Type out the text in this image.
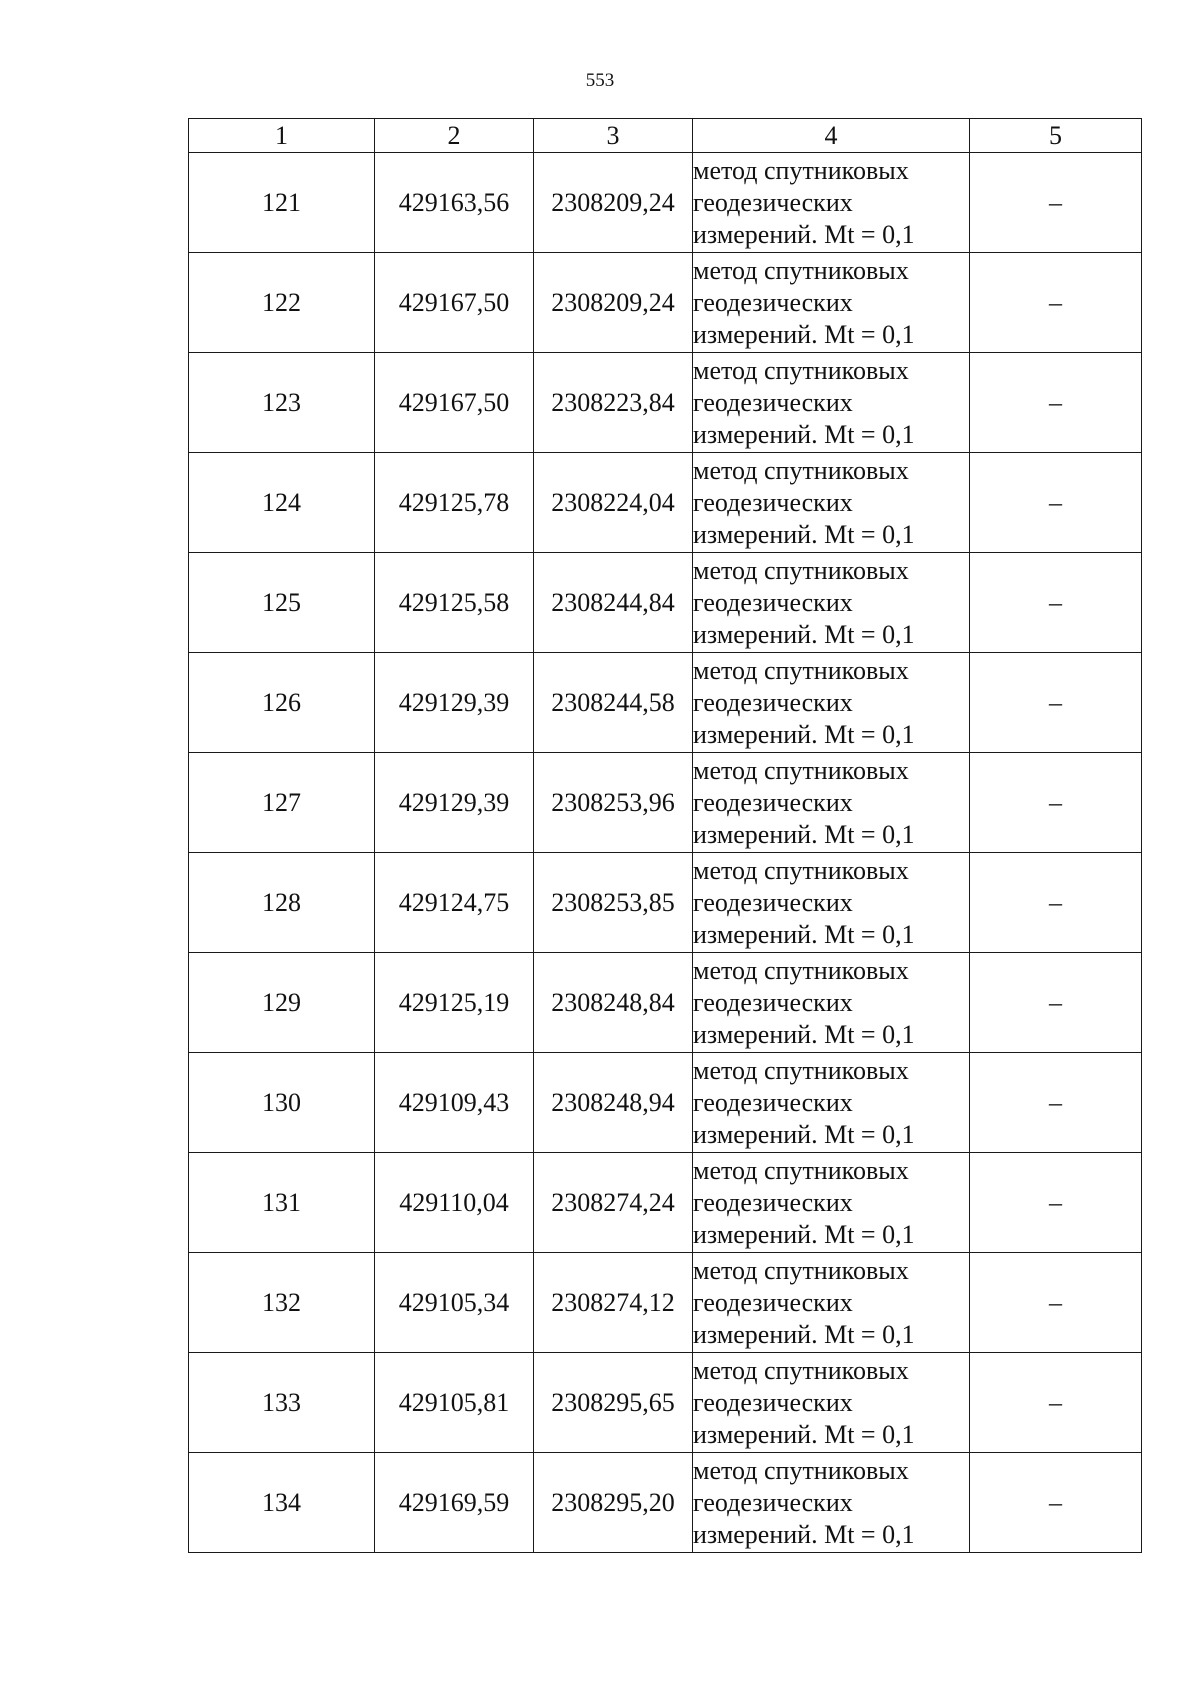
553
1	2	3	4	5
121	429163,56	2308209,24	метод спутниковых
геодезических
измерений. Mt = 0,1	–
122	429167,50	2308209,24	метод спутниковых
геодезических
измерений. Mt = 0,1	–
123	429167,50	2308223,84	метод спутниковых
геодезических
измерений. Mt = 0,1	–
124	429125,78	2308224,04	метод спутниковых
геодезических
измерений. Mt = 0,1	–
125	429125,58	2308244,84	метод спутниковых
геодезических
измерений. Mt = 0,1	–
126	429129,39	2308244,58	метод спутниковых
геодезических
измерений. Mt = 0,1	–
127	429129,39	2308253,96	метод спутниковых
геодезических
измерений. Mt = 0,1	–
128	429124,75	2308253,85	метод спутниковых
геодезических
измерений. Mt = 0,1	–
129	429125,19	2308248,84	метод спутниковых
геодезических
измерений. Mt = 0,1	–
130	429109,43	2308248,94	метод спутниковых
геодезических
измерений. Mt = 0,1	–
131	429110,04	2308274,24	метод спутниковых
геодезических
измерений. Mt = 0,1	–
132	429105,34	2308274,12	метод спутниковых
геодезических
измерений. Mt = 0,1	–
133	429105,81	2308295,65	метод спутниковых
геодезических
измерений. Mt = 0,1	–
134	429169,59	2308295,20	метод спутниковых
геодезических
измерений. Mt = 0,1	–
